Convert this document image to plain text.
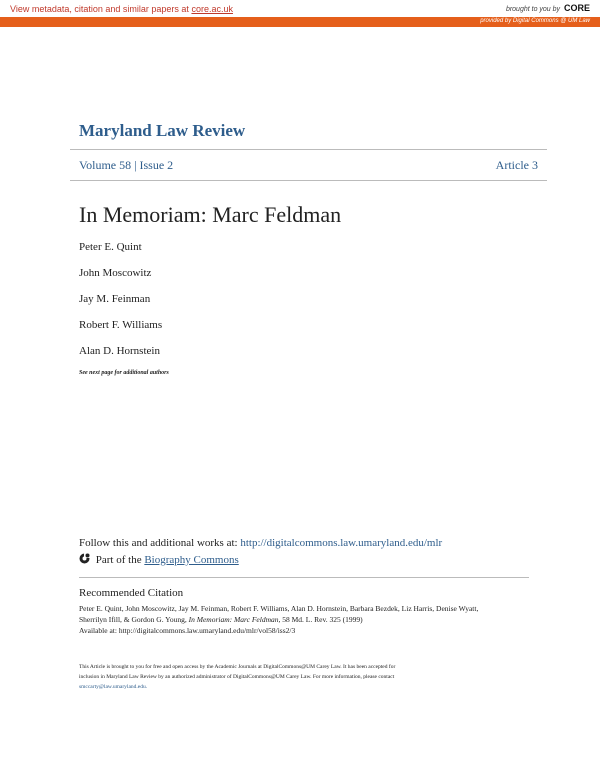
View metadata, citation and similar papers at core.ac.uk	brought to you by CORE
provided by Digital Commons @ UM Law
Maryland Law Review
Volume 58 | Issue 2	Article 3
In Memoriam: Marc Feldman
Peter E. Quint
John Moscowitz
Jay M. Feinman
Robert F. Williams
Alan D. Hornstein
See next page for additional authors
Follow this and additional works at: http://digitalcommons.law.umaryland.edu/mlr
Part of the Biography Commons
Recommended Citation
Peter E. Quint, John Moscowitz, Jay M. Feinman, Robert F. Williams, Alan D. Hornstein, Barbara Bezdek, Liz Harris, Denise Wyatt,
Sherrilyn Ifill, & Gordon G. Young, In Memoriam: Marc Feldman, 58 Md. L. Rev. 325 (1999)
Available at: http://digitalcommons.law.umaryland.edu/mlr/vol58/iss2/3
This Article is brought to you for free and open access by the Academic Journals at DigitalCommons@UM Carey Law. It has been accepted for
inclusion in Maryland Law Review by an authorized administrator of DigitalCommons@UM Carey Law. For more information, please contact
smccarty@law.umaryland.edu.
